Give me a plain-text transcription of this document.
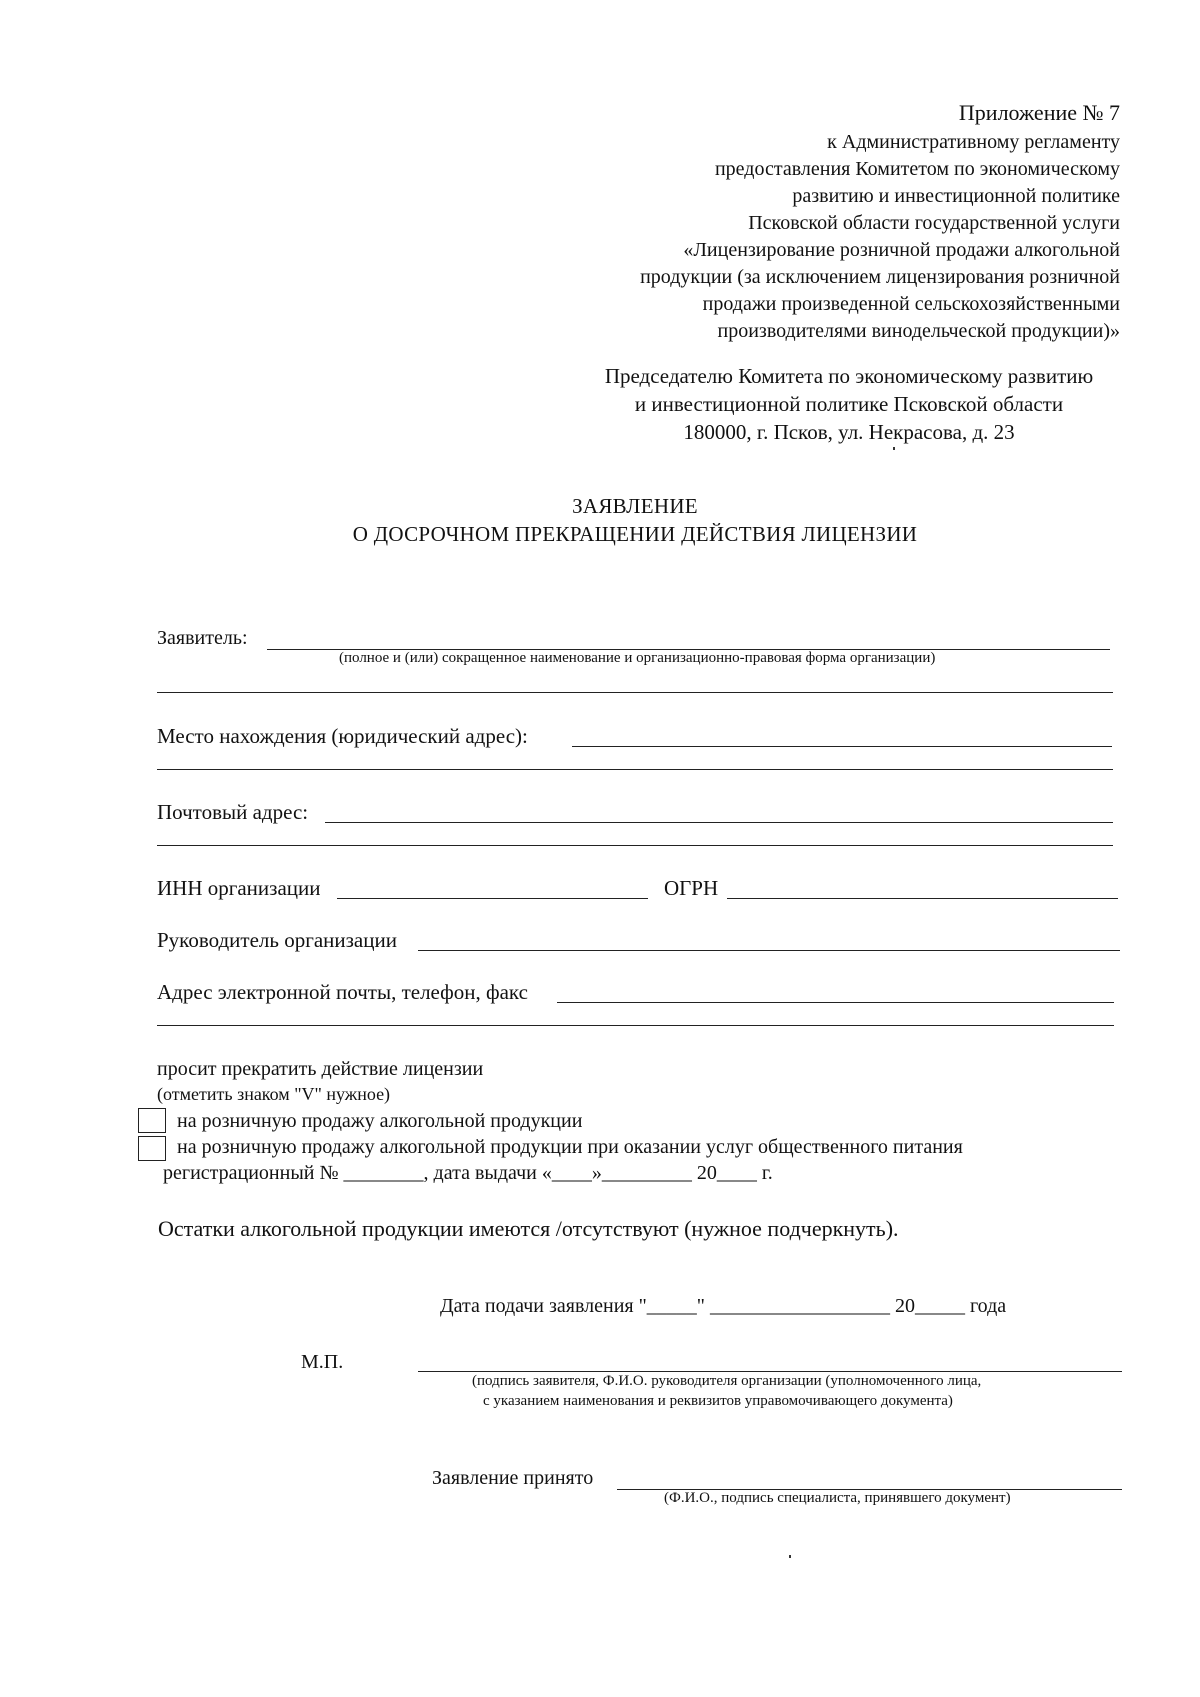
Приложение № 7
к Административному регламенту
предоставления Комитетом по экономическому
развитию и инвестиционной политике
Псковской области государственной услуги
«Лицензирование розничной продажи алкогольной
продукции (за исключением лицензирования розничной
продажи произведенной сельскохозяйственными
производителями винодельческой продукции)»
Председателю Комитета по экономическому развитию
и инвестиционной политике Псковской области
180000, г. Псков, ул. Некрасова, д. 23
ЗАЯВЛЕНИЕ
О ДОСРОЧНОМ ПРЕКРАЩЕНИИ ДЕЙСТВИЯ ЛИЦЕНЗИИ
Заявитель:
(полное и (или) сокращенное наименование и организационно-правовая форма организации)
Место нахождения (юридический адрес):
Почтовый адрес:
ИНН организации	ОГРН
Руководитель организации
Адрес электронной почты, телефон, факс
просит прекратить действие лицензии
(отметить знаком "V" нужное)
на розничную продажу алкогольной продукции
на розничную продажу алкогольной продукции при оказании услуг общественного питания
регистрационный № ________, дата выдачи «____»_________ 20____ г.
Остатки алкогольной продукции имеются /отсутствуют (нужное подчеркнуть).
Дата подачи заявления "_____" __________________ 20_____ года
М.П.
(подпись заявителя, Ф.И.О. руководителя организации (уполномоченного лица,
с указанием наименования и реквизитов управомочивающего документа)
Заявление принято
(Ф.И.О., подпись специалиста, принявшего документ)
